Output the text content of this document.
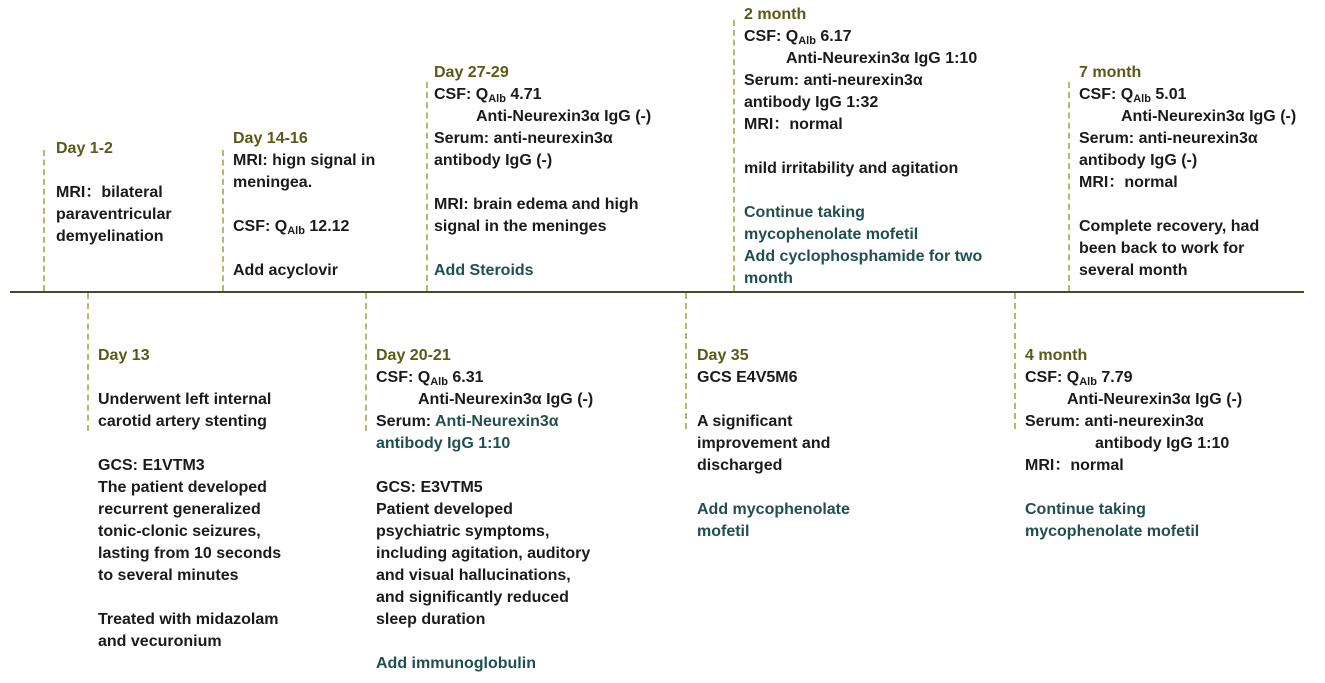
Day 1-2
MRI：bilateral
paraventricular
demyelination
Day 14-16
MRI: hign signal in
meningea.
CSF: $Q_{Alb}$ 12.12
Add acyclovir
Day 27-29
CSF: $Q_{Alb}$ 4.71
Anti-Neurexin3α IgG (-)
Serum: anti-neurexin3α
antibody IgG (-)
MRI: brain edema and high
signal in the meninges
Add Steroids
2 month
CSF: $Q_{Alb}$ 6.17
Anti-Neurexin3α IgG 1:10
Serum: anti-neurexin3α
antibody IgG 1:32
MRI：normal
mild irritability and agitation
Continue taking
mycophenolate mofetil
Add cyclophosphamide for two
month
7 month
CSF: $Q_{Alb}$ 5.01
Anti-Neurexin3α IgG (-)
Serum: anti-neurexin3α
antibody IgG (-)
MRI：normal
Complete recovery, had
been back to work for
several month
Day 13
Underwent left internal
carotid artery stenting
GCS: E1VTM3
The patient developed
recurrent generalized
tonic-clonic seizures,
lasting from 10 seconds
to several minutes
Treated with midazolam
and vecuronium
Day 20-21
CSF: $Q_{Alb}$ 6.31
Anti-Neurexin3α IgG (-)
Serum: Anti-Neurexin3α
antibody IgG 1:10
GCS: E3VTM5
Patient developed
psychiatric symptoms,
including agitation, auditory
and visual hallucinations,
and significantly reduced
sleep duration
Add immunoglobulin
Day 35
GCS E4V5M6
A significant
improvement and
discharged
Add mycophenolate
mofetil
4 month
CSF: $Q_{Alb}$ 7.79
Anti-Neurexin3α IgG (-)
Serum: anti-neurexin3α
antibody IgG 1:10
MRI：normal
Continue taking
mycophenolate mofetil
